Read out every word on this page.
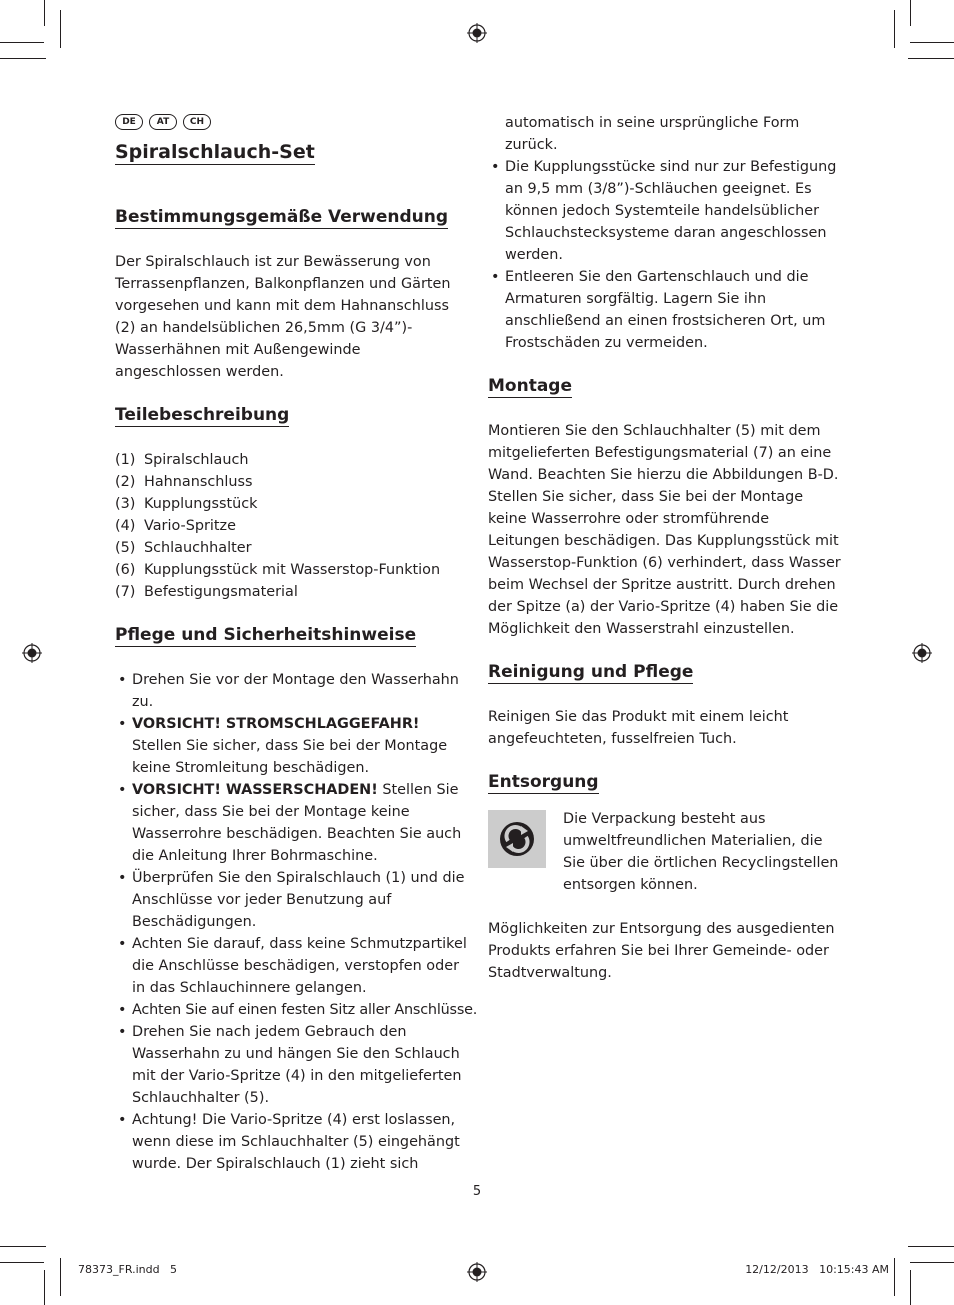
DE	AT	CH
Spiralschlauch-Set
Bestimmungsgemäße Verwendung

Der Spiralschlauch ist zur Bewässerung von Terrassenpflanzen, Balkonpflanzen und Gärten vorgesehen und kann mit dem Hahnanschluss (2) an handelsüblichen 26,5mm (G 3/4”)-Wasserhähnen mit Außengewinde angeschlossen werden.

Teilebeschreibung
(1) Spiralschlauch
(2) Hahnanschluss
(3) Kupplungsstück
(4) Vario-Spritze
(5) Schlauchhalter
(6) Kupplungsstück mit Wasserstop-Funktion
(7) Befestigungsmaterial
Pflege und Sicherheitshinweise
• Drehen Sie vor der Montage den Wasserhahn zu.
• VORSICHT! STROMSCHLAGGEFAHR! Stellen Sie sicher, dass Sie bei der Montage keine Stromleitung beschädigen.
• VORSICHT! WASSERSCHADEN! Stellen Sie sicher, dass Sie bei der Montage keine Wasserrohre beschädigen. Beachten Sie auch die Anleitung Ihrer Bohrmaschine.
• Überprüfen Sie den Spiralschlauch (1) und die Anschlüsse vor jeder Benutzung auf Beschädigungen.
• Achten Sie darauf, dass keine Schmutzpartikel die Anschlüsse beschädigen, verstopfen oder in das Schlauchinnere gelangen.
• Achten Sie auf einen festen Sitz aller Anschlüsse.
• Drehen Sie nach jedem Gebrauch den Wasserhahn zu und hängen Sie den Schlauch mit der Vario-Spritze (4) in den mitgelieferten Schlauchhalter (5).
• Achtung! Die Vario-Spritze (4) erst loslassen, wenn diese im Schlauchhalter (5) eingehängt wurde. Der Spiralschlauch (1) zieht sich

automatisch in seine ursprüngliche Form zurück.

• Die Kupplungsstücke sind nur zur Befestigung an 9,5 mm (3/8”)-Schläuchen geeignet. Es können jedoch Systemteile handelsüblicher Schlauchstecksysteme daran angeschlossen werden.
• Entleeren Sie den Gartenschlauch und die Armaturen sorgfältig. Lagern Sie ihn anschließend an einen frostsicheren Ort, um Frostschäden zu vermeiden.
Montage

Montieren Sie den Schlauchhalter (5) mit dem mitgelieferten Befestigungsmaterial (7) an eine Wand. Beachten Sie hierzu die Abbildungen B-D. Stellen Sie sicher, dass Sie bei der Montage keine Wasserrohre oder stromführende Leitungen beschädigen. Das Kupplungsstück mit Wasserstop-Funktion (6) verhindert, dass Wasser beim Wechsel der Spritze austritt. Durch drehen der Spitze (a) der Vario-Spritze (4) haben Sie die Möglichkeit den Wasserstrahl einzustellen.

Reinigung und Pflege

Reinigen Sie das Produkt mit einem leicht angefeuchteten, fusselfreien Tuch.

Entsorgung

Die Verpackung besteht aus umweltfreundlichen Materialien, die Sie über die örtlichen Recyclingstellen entsorgen können.

Möglichkeiten zur Entsorgung des ausgedienten Produkts erfahren Sie bei Ihrer Gemeinde- oder Stadtverwaltung.

5
78373_FR.indd   5	12/12/2013   10:15:43 AM
